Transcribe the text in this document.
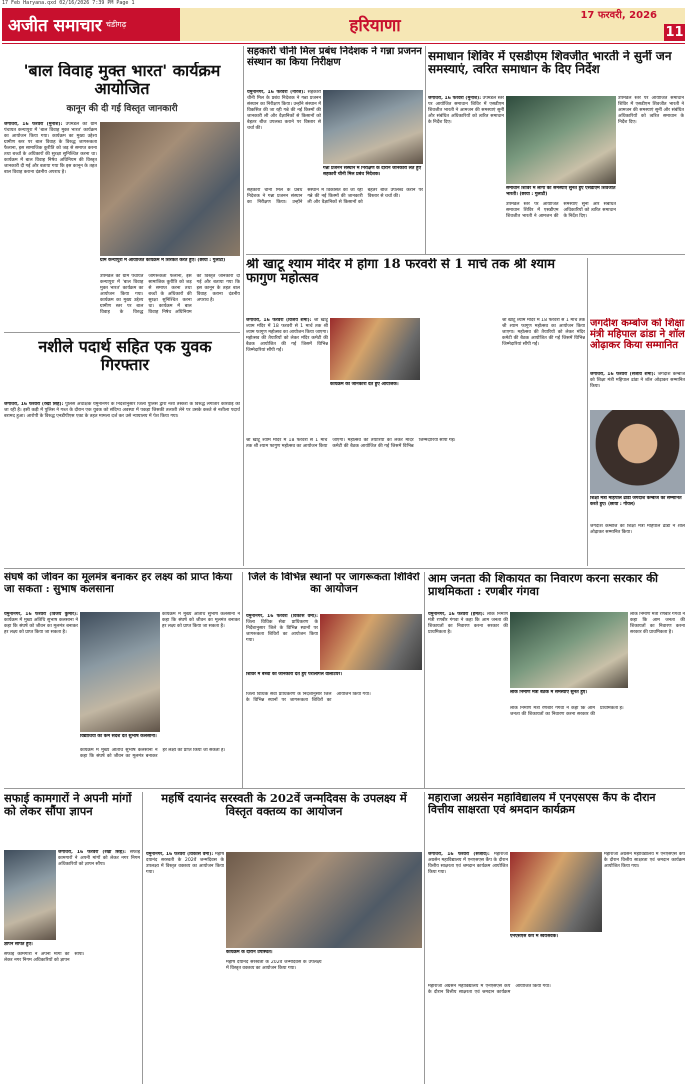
17 Feb Haryana.qxd 02/16/2026 7:39 PM Page 1
अजीत समाचार चंडीगढ़	हरियाणा
17 फरवरी, 2026
11
'बाल विवाह मुक्त भारत' कार्यक्रम आयोजित
कानून की दी गई विस्तृत जानकारी
जगाधरी, 16 फरवरी (मुनीश): उपमंडल की ग्राम पंचायत कन्यापुरा में 'बाल विवाह मुक्त भारत' कार्यक्रम का आयोजन किया गया। कार्यक्रम का मुख्य उद्देश्य ग्रामीण स्तर पर बाल विवाह के विरुद्ध जागरूकता फैलाना, इस सामाजिक कुरीति को जड़ से समाप्त करना तथा बच्चों के अधिकारों की सुरक्षा सुनिश्चित करना था। कार्यक्रम में बाल विवाह निषेध अधिनियम की विस्तृत जानकारी दी गई और बताया गया कि इस कानून के तहत बाल विवाह कराना दंडनीय अपराध है।
ग्राम कन्यापुरा में आयोजित कार्यक्रम में शिरकत करते हुए। (छाया : गुलाटी)
उपमंडल की ग्राम पंचायत कन्यापुरा में 'बाल विवाह मुक्त भारत' कार्यक्रम का आयोजन किया गया। कार्यक्रम का मुख्य उद्देश्य ग्रामीण स्तर पर बाल विवाह के विरुद्ध जागरूकता फैलाना, इस सामाजिक कुरीति को जड़ से समाप्त करना तथा बच्चों के अधिकारों की सुरक्षा सुनिश्चित करना था। कार्यक्रम में बाल विवाह निषेध अधिनियम की विस्तृत जानकारी दी गई और बताया गया कि इस कानून के तहत बाल विवाह कराना दंडनीय अपराध है।
नशीले पदार्थ सहित एक युवक गिरफ्तार
जगाधरी, 16 फरवरी (रेखा सिंह): पुलिस अधीक्षक यमुनानगर के निर्देशानुसार जिला पुलिस द्वारा नशा तस्करों के विरुद्ध लगातार कार्रवाई की जा रही है। इसी कड़ी में पुलिस ने गश्त के दौरान एक युवक को संदिग्ध अवस्था में पकड़ा जिसकी तलाशी लेने पर उसके कब्जे से नशीला पदार्थ बरामद हुआ। आरोपी के विरुद्ध एनडीपीएस एक्ट के तहत मामला दर्ज कर उसे न्यायालय में पेश किया गया।
सहकारी चीनी मिल प्रबंध निदेशक ने गन्ना प्रजनन संस्थान का किया निरीक्षण
यमुनानगर, 16 फरवरी (नीरज): सहकारी चीनी मिल के प्रबंध निदेशक ने गन्ना प्रजनन संस्थान का निरीक्षण किया। उन्होंने संस्थान में विकसित की जा रही गन्ने की नई किस्मों की जानकारी ली और वैज्ञानिकों से किसानों को बेहतर बीज उपलब्ध कराने पर विस्तार से चर्चा की।
गन्ना प्रजनन संस्थान में निरीक्षण के दौरान जानकारी लेते हुए सहकारी चीनी मिल प्रबंध निदेशक।
सहकारी चीनी मिल के प्रबंध निदेशक ने गन्ना प्रजनन संस्थान का निरीक्षण किया। उन्होंने संस्थान में विकसित की जा रही गन्ने की नई किस्मों की जानकारी ली और वैज्ञानिकों से किसानों को बेहतर बीज उपलब्ध कराने पर विस्तार से चर्चा की।
समाधान शिविर में एसडीएम शिवजीत भारती ने सुनीं जन समस्याएं, त्वरित समाधान के दिए निर्देश
जगाधरी, 16 फरवरी (मुनीश): उपमंडल स्तर पर आयोजित समाधान शिविर में एसडीएम शिवजीत भारती ने आमजन की समस्याएं सुनीं और संबंधित अधिकारियों को त्वरित समाधान के निर्देश दिए।
समाधान शिविर में लोगों की समस्याएं सुनते हुए एसडीएम शिवजीत भारती। (छाया : गुलाटी)
उपमंडल स्तर पर आयोजित समाधान शिविर में एसडीएम शिवजीत भारती ने आमजन की समस्याएं सुनीं और संबंधित अधिकारियों को त्वरित समाधान के निर्देश दिए।
उपमंडल स्तर पर आयोजित समाधान शिविर में एसडीएम शिवजीत भारती ने आमजन की समस्याएं सुनीं और संबंधित अधिकारियों को त्वरित समाधान के निर्देश दिए।
श्री खाटू श्याम मंदिर में होगा 18 फरवरी से 1 मार्च तक श्री श्याम फागुण महोत्सव
जगाधरी, 16 फरवरी (विजय शर्मा): श्री खाटू श्याम मंदिर में 18 फरवरी से 1 मार्च तक श्री श्याम फागुण महोत्सव का आयोजन किया जाएगा। महोत्सव की तैयारियों को लेकर मंदिर कमेटी की बैठक आयोजित की गई जिसमें विभिन्न जिम्मेदारियां सौंपी गईं।
कार्यक्रम की जानकारी देते हुए आयोजक।
श्री खाटू श्याम मंदिर में 18 फरवरी से 1 मार्च तक श्री श्याम फागुण महोत्सव का आयोजन किया जाएगा। महोत्सव की तैयारियों को लेकर मंदिर कमेटी की बैठक आयोजित की गई जिसमें विभिन्न जिम्मेदारियां सौंपी गईं।
श्री खाटू श्याम मंदिर में 18 फरवरी से 1 मार्च तक श्री श्याम फागुण महोत्सव का आयोजन किया जाएगा। महोत्सव की तैयारियों को लेकर मंदिर कमेटी की बैठक आयोजित की गई जिसमें विभिन्न जिम्मेदारियां सौंपी गईं।
जगदीश कम्बोज को शिक्षा मंत्री महिपाल ढांडा ने शॉल ओढ़ाकर किया सम्मानित
जगाधरी, 16 फरवरी (संजीव शर्मा): जगदीश कम्बोज को शिक्षा मंत्री महिपाल ढांडा ने शॉल ओढ़ाकर सम्मानित किया।
शिक्षा मंत्री महिपाल ढांडा जगदीश कम्बोज को सम्मानित करते हुए। (छाया : गोयल)
जगदीश कम्बोज को शिक्षा मंत्री महिपाल ढांडा ने शॉल ओढ़ाकर सम्मानित किया।
संघर्ष को जीवन का मूलमंत्र बनाकर हर लक्ष्य को प्राप्त किया जा सकता : सुभाष कलसाना
यमुनानगर, 16 फरवरी (विजय कुमार): कार्यक्रम में मुख्य अतिथि सुभाष कलसाना ने कहा कि संघर्ष को जीवन का मूलमंत्र बनाकर हर लक्ष्य को प्राप्त किया जा सकता है।
विद्यार्थियों को कर्म संदेश देते सुभाष कलसाना।
कार्यक्रम में मुख्य अतिथि सुभाष कलसाना ने कहा कि संघर्ष को जीवन का मूलमंत्र बनाकर हर लक्ष्य को प्राप्त किया जा सकता है।
कार्यक्रम में मुख्य अतिथि सुभाष कलसाना ने कहा कि संघर्ष को जीवन का मूलमंत्र बनाकर हर लक्ष्य को प्राप्त किया जा सकता है।
जिले के विभिन्न स्थानों पर जागरूकता शिविरों का आयोजन
यमुनानगर, 16 फरवरी (विकास वर्मा): जिला विधिक सेवा प्राधिकरण के निर्देशानुसार जिले के विभिन्न स्थानों पर जागरूकता शिविरों का आयोजन किया गया।
शिविर में बच्चों को जानकारी देते हुए पैरालीगल वालंटियर।
जिला विधिक सेवा प्राधिकरण के निर्देशानुसार जिले के विभिन्न स्थानों पर जागरूकता शिविरों का आयोजन किया गया।
आम जनता की शिकायत का निवारण करना सरकार की प्राथमिकता : रणबीर गंगवा
यमुनानगर, 16 फरवरी (हेमंत): लोक निर्माण मंत्री रणबीर गंगवा ने कहा कि आम जनता की शिकायतों का निवारण करना सरकार की प्राथमिकता है।
लोक निर्माण मंत्री बैठक में समस्याएं सुनते हुए।
लोक निर्माण मंत्री रणबीर गंगवा ने कहा कि आम जनता की शिकायतों का निवारण करना सरकार की प्राथमिकता है।
लोक निर्माण मंत्री रणबीर गंगवा ने कहा कि आम जनता की शिकायतों का निवारण करना सरकार की प्राथमिकता है।
सफाई कामगारों ने अपनी मांगों को लेकर सौंपा ज्ञापन
ज्ञापन सौंपते हुए।
जगाधरी, 16 फरवरी (रेखा सिंह): सफाई कामगारों ने अपनी मांगों को लेकर नगर निगम अधिकारियों को ज्ञापन सौंपा।
सफाई कामगारों ने अपनी मांगों को लेकर नगर निगम अधिकारियों को ज्ञापन सौंपा।
महर्षि दयानंद सरस्वती के 202वें जन्मदिवस के उपलक्ष्य में विस्तृत वक्तव्य का आयोजन
यमुनानगर, 16 फरवरी (विकास वर्मा): महर्षि दयानंद सरस्वती के 202वें जन्मदिवस के उपलक्ष्य में विस्तृत वक्तव्य का आयोजन किया गया।
कार्यक्रम के दौरान उपस्थित।
महर्षि दयानंद सरस्वती के 202वें जन्मदिवस के उपलक्ष्य में विस्तृत वक्तव्य का आयोजन किया गया।
महाराजा अग्रसेन महाविद्यालय में एनएसएस कैंप के दौरान वित्तीय साक्षरता एवं श्रमदान कार्यक्रम
जगाधरी, 16 फरवरी (संजीव): महाराजा अग्रसेन महाविद्यालय में एनएसएस कैंप के दौरान वित्तीय साक्षरता एवं श्रमदान कार्यक्रम आयोजित किया गया।
एनएसएस कैंप में स्वयंसेवक।
महाराजा अग्रसेन महाविद्यालय में एनएसएस कैंप के दौरान वित्तीय साक्षरता एवं श्रमदान कार्यक्रम आयोजित किया गया।
महाराजा अग्रसेन महाविद्यालय में एनएसएस कैंप के दौरान वित्तीय साक्षरता एवं श्रमदान कार्यक्रम आयोजित किया गया।
